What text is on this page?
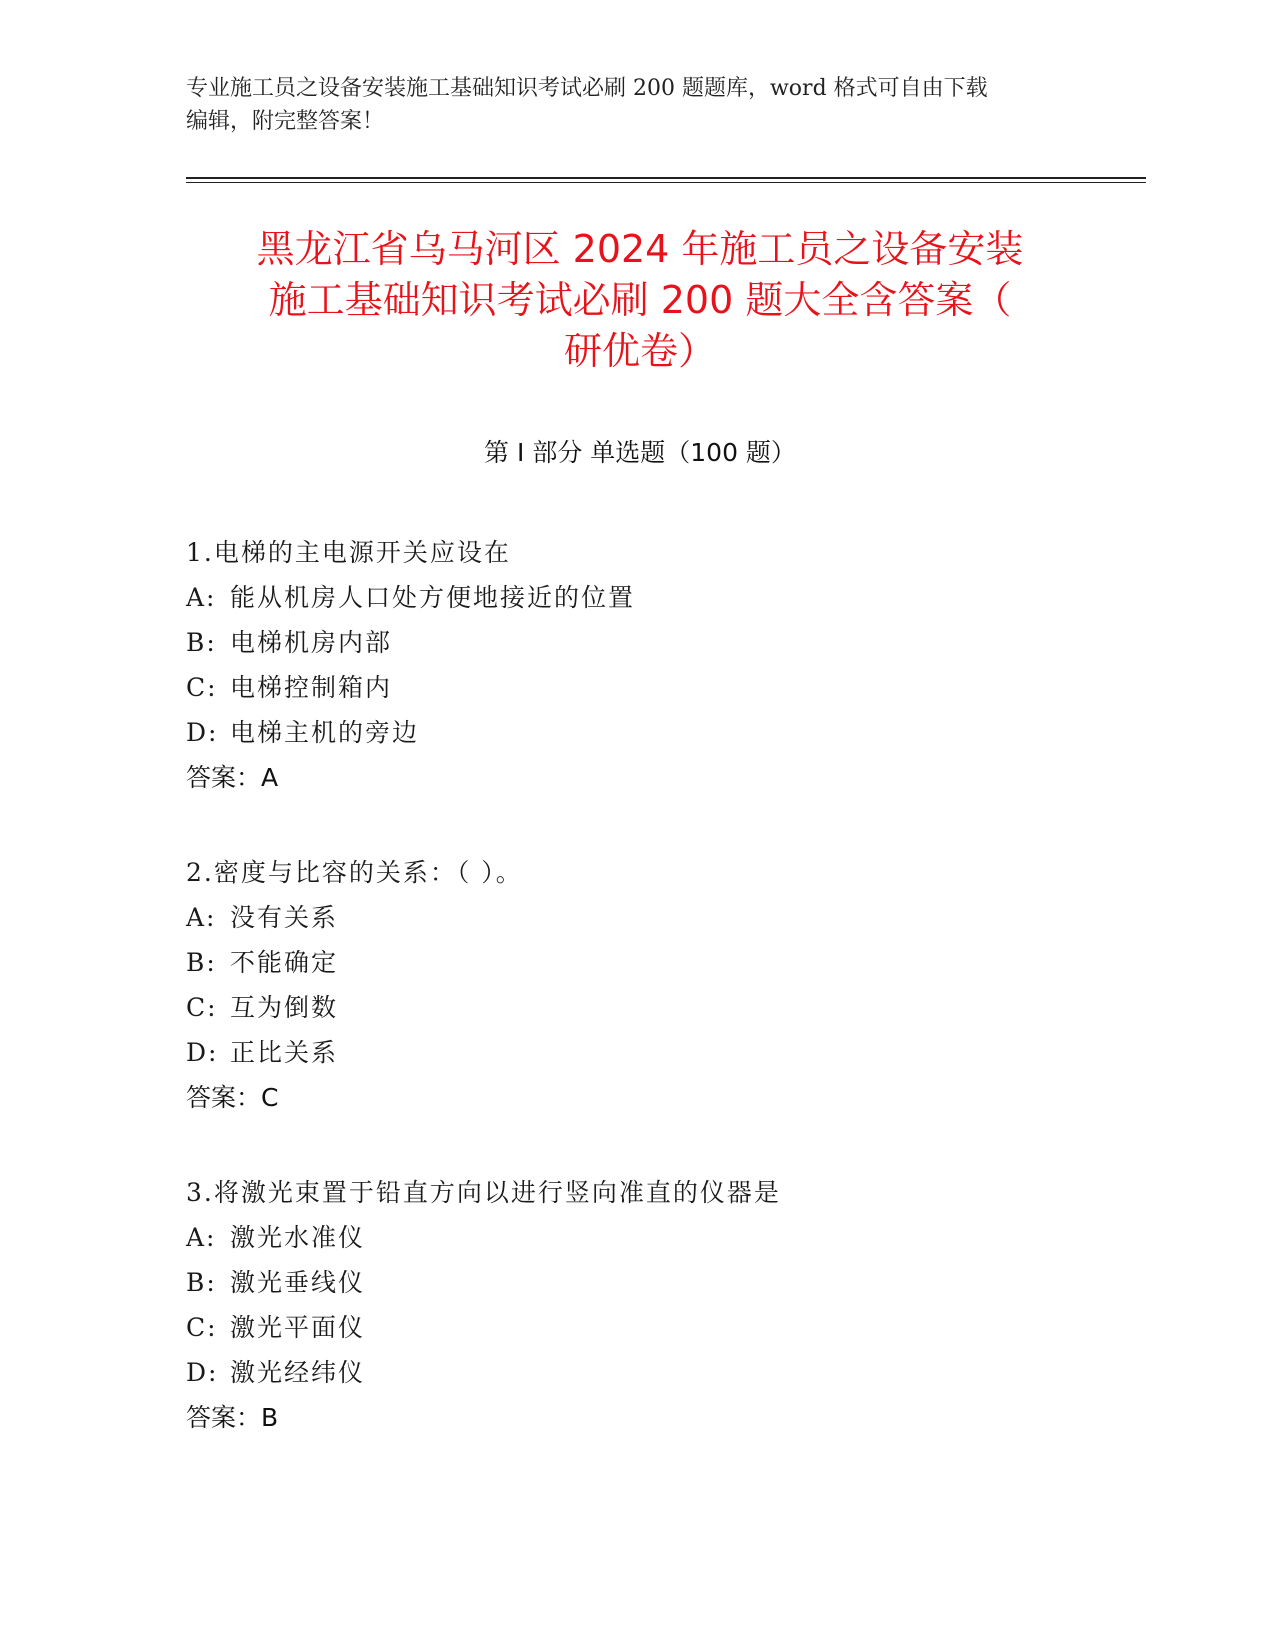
专业施工员之设备安装施工基础知识考试必刷 200 题题库，word 格式可自由下载
编辑，附完整答案！
黑龙江省乌马河区 2024 年施工员之设备安装
施工基础知识考试必刷 200 题大全含答案（
研优卷）
第 I 部分 单选题（100 题）
1.电梯的主电源开关应设在
A: 能从机房人口处方便地接近的位置
B: 电梯机房内部
C: 电梯控制箱内
D: 电梯主机的旁边
答案：A
2.密度与比容的关系：（ ）。
A: 没有关系
B: 不能确定
C: 互为倒数
D: 正比关系
答案：C
3.将激光束置于铅直方向以进行竖向准直的仪器是
A: 激光水准仪
B: 激光垂线仪
C: 激光平面仪
D: 激光经纬仪
答案：B
